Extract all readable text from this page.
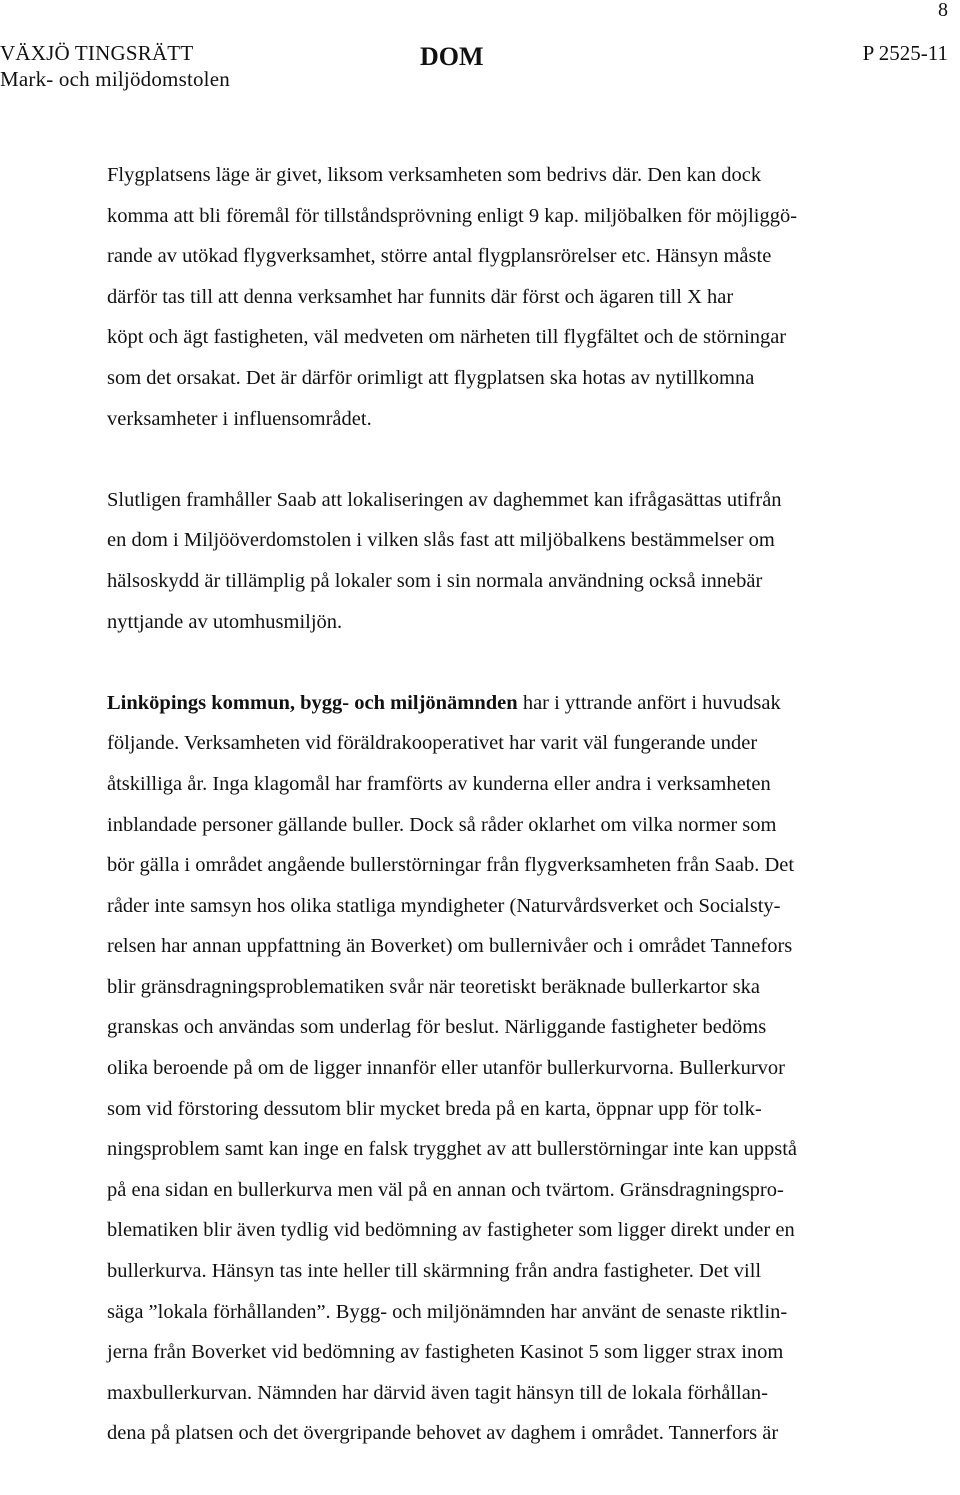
8
VÄXJÖ TINGSRÄTT
Mark- och miljödomstolen
DOM	P 2525-11
Flygplatsens läge är givet, liksom verksamheten som bedrivs där. Den kan dock
komma att bli föremål för tillståndsprövning enligt 9 kap. miljöbalken för möjliggö-
rande av utökad flygverksamhet, större antal flygplansrörelser etc. Hänsyn måste
därför tas till att denna verksamhet har funnits där först och ägaren till X har
köpt och ägt fastigheten, väl medveten om närheten till flygfältet och de störningar
som det orsakat. Det är därför orimligt att flygplatsen ska hotas av nytillkomna
verksamheter i influensområdet.
Slutligen framhåller Saab att lokaliseringen av daghemmet kan ifrågasättas utifrån
en dom i Miljööverdomstolen i vilken slås fast att miljöbalkens bestämmelser om
hälsoskydd är tillämplig på lokaler som i sin normala användning också innebär
nyttjande av utomhusmiljön.
Linköpings kommun, bygg- och miljönämnden har i yttrande anfört i huvudsak
följande. Verksamheten vid föräldrakooperativet har varit väl fungerande under
åtskilliga år. Inga klagomål har framförts av kunderna eller andra i verksamheten
inblandade personer gällande buller. Dock så råder oklarhet om vilka normer som
bör gälla i området angående bullerstörningar från flygverksamheten från Saab. Det
råder inte samsyn hos olika statliga myndigheter (Naturvårdsverket och Socialsty-
relsen har annan uppfattning än Boverket) om bullernivåer och i området Tannefors
blir gränsdragningsproblematiken svår när teoretiskt beräknade bullerkartor ska
granskas och användas som underlag för beslut. Närliggande fastigheter bedöms
olika beroende på om de ligger innanför eller utanför bullerkurvorna. Bullerkurvor
som vid förstoring dessutom blir mycket breda på en karta, öppnar upp för tolk-
ningsproblem samt kan inge en falsk trygghet av att bullerstörningar inte kan uppstå
på ena sidan en bullerkurva men väl på en annan och tvärtom. Gränsdragningspro-
blematiken blir även tydlig vid bedömning av fastigheter som ligger direkt under en
bullerkurva. Hänsyn tas inte heller till skärmning från andra fastigheter. Det vill
säga ”lokala förhållanden”. Bygg- och miljönämnden har använt de senaste riktlin-
jerna från Boverket vid bedömning av fastigheten Kasinot 5 som ligger strax inom
maxbullerkurvan. Nämnden har därvid även tagit hänsyn till de lokala förhållan-
dena på platsen och det övergripande behovet av daghem i området. Tannerfors är
